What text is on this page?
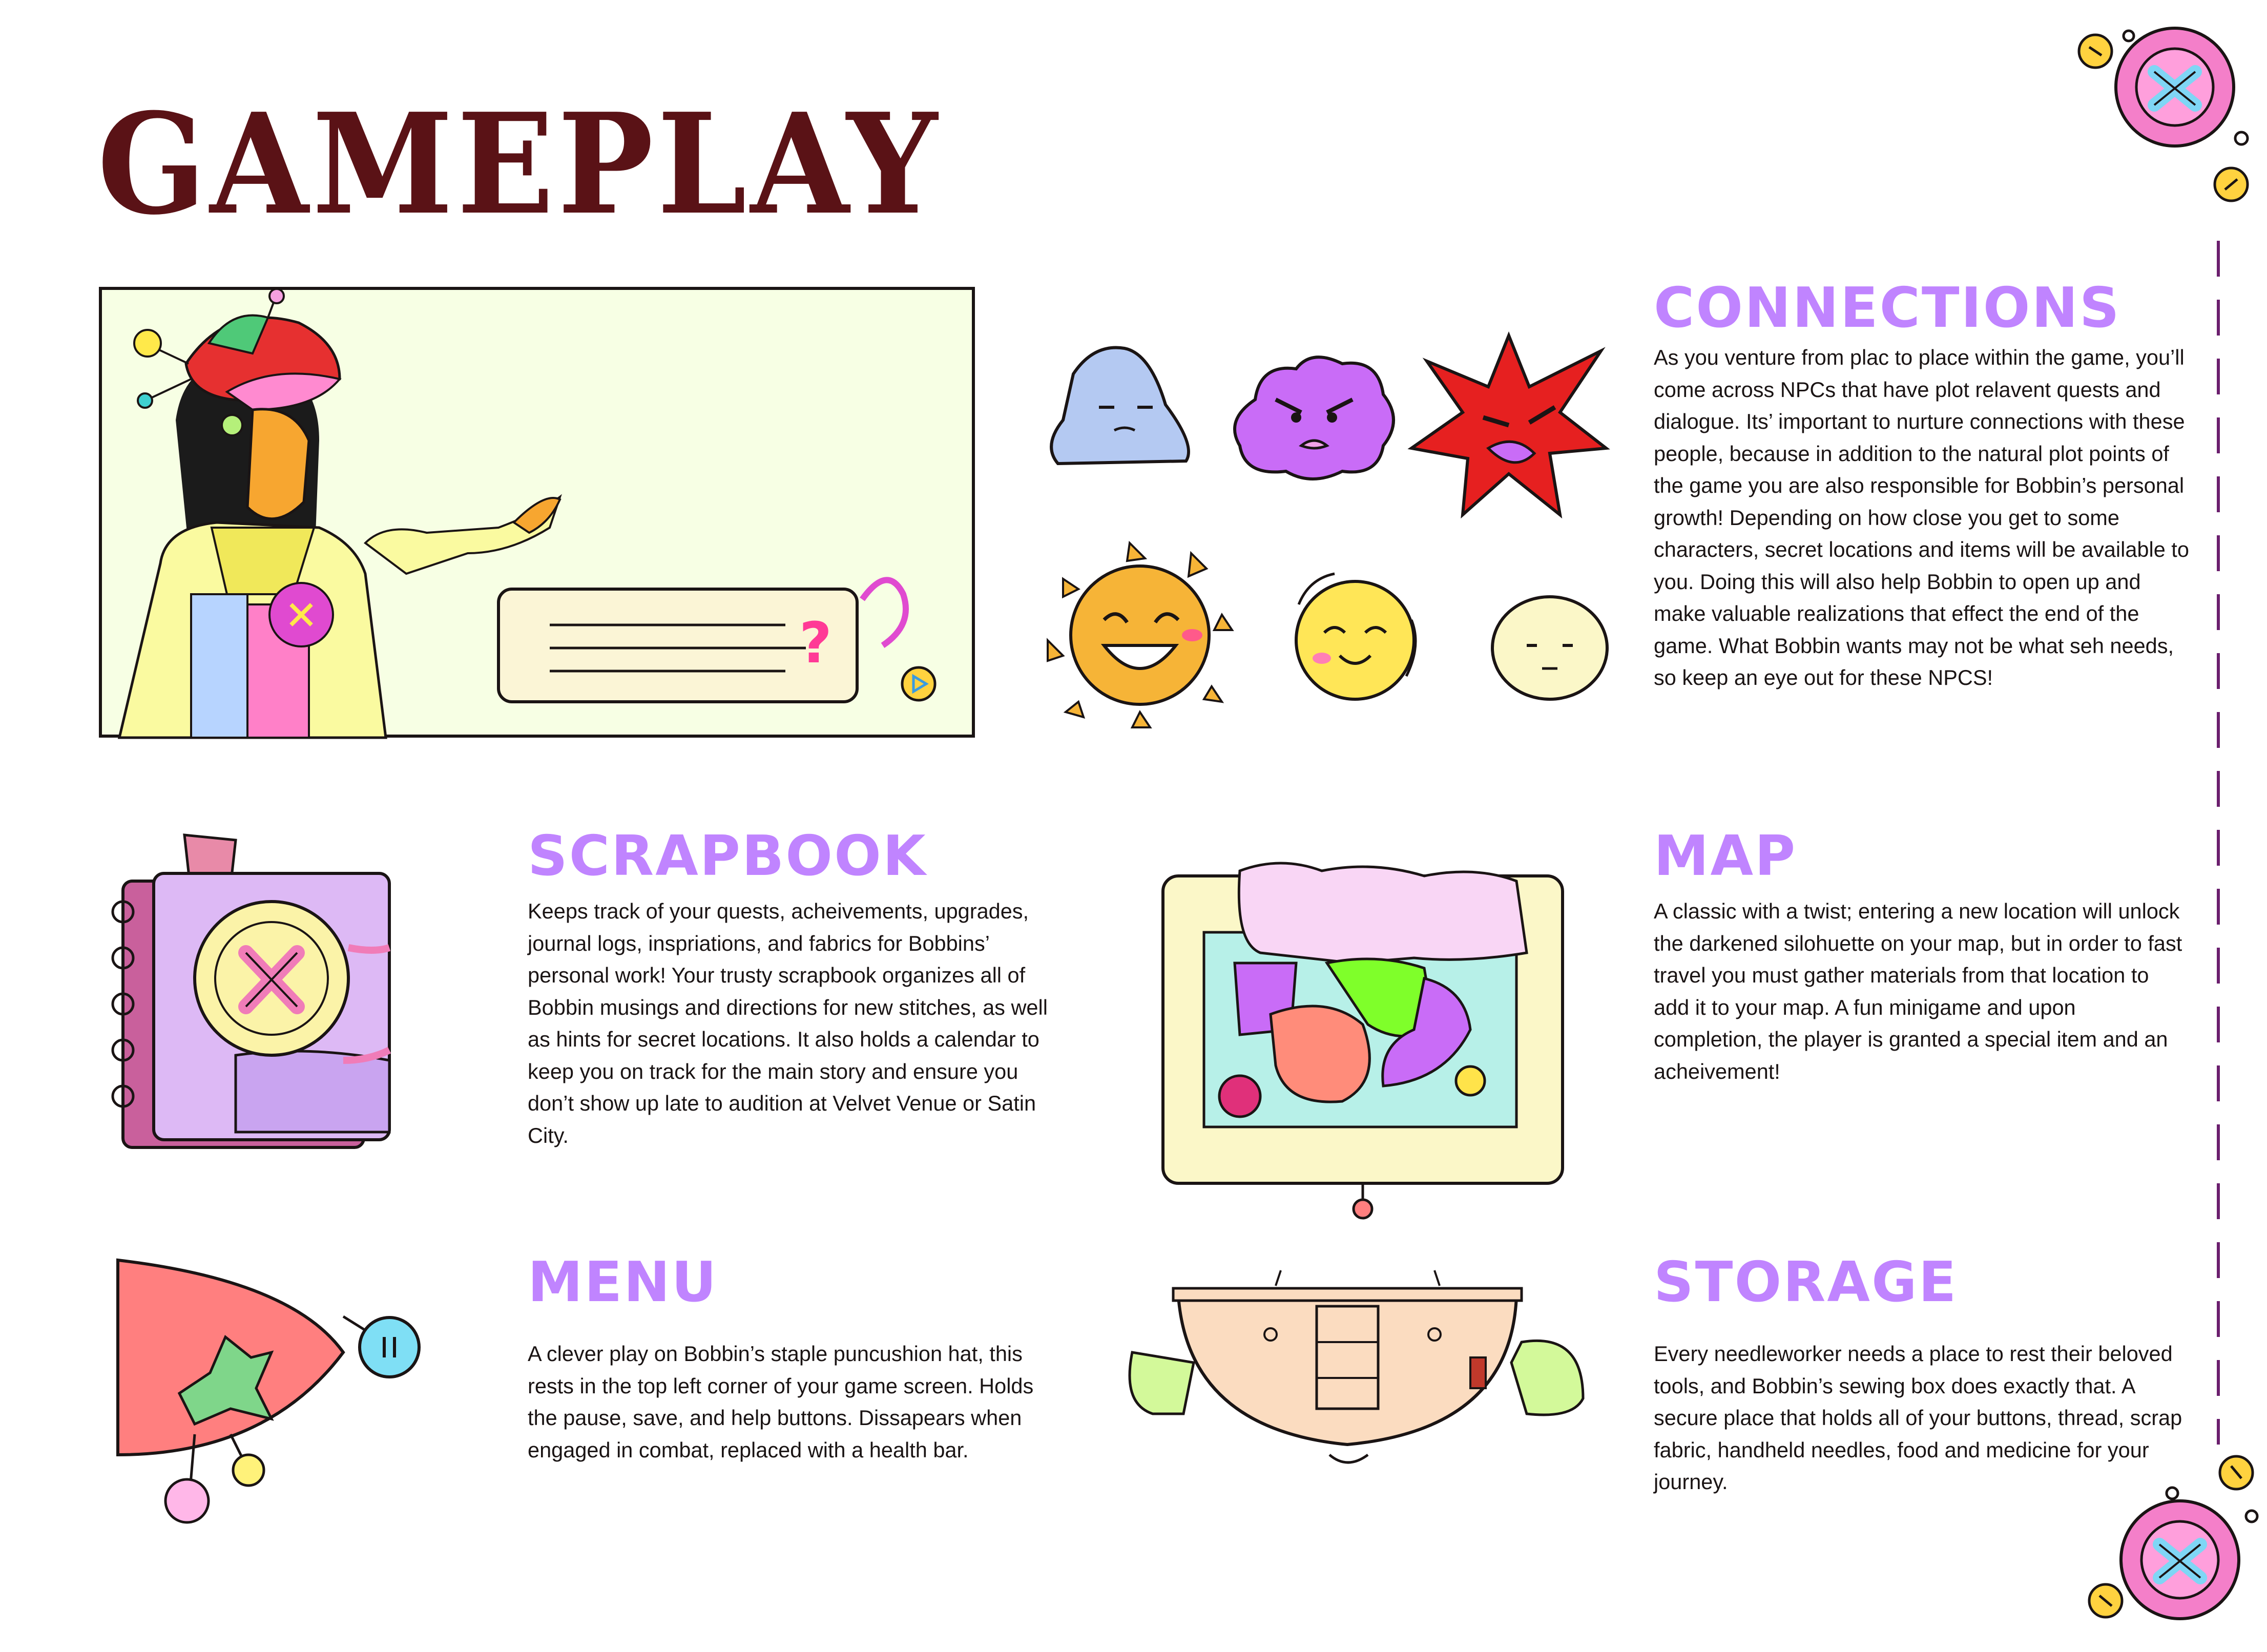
GAMEPLAY
?
CONNECTIONS

As you venture from plac to place within the game, you’ll come across NPCs that have plot relavent quests and dialogue. Its’ important to nurture connections with these people, because in addition to the natural plot points of the game you are also responsible for Bobbin’s personal growth! Depending on how close you get to some characters, secret locations and items will be available to you. Doing this will also help Bobbin to open up and make valuable realizations that effect the end of the game. What Bobbin wants may not be what seh needs, so keep an eye out for these NPCS!

SCRAPBOOK

Keeps track of your quests, acheivements, upgrades, journal logs, inspriations, and fabrics for Bobbins’ personal work! Your trusty scrapbook organizes all of Bobbin musings and directions for new stitches, as well as hints for secret locations. It also holds a calendar to keep you on track for the main story and ensure you don’t show up late to audition at Velvet Venue or Satin City.

MAP

A classic with a twist; entering a new location will unlock the darkened silohuette on your map, but in order to fast travel you must gather materials from that location to add it to your map. A fun minigame and upon completion, the player is granted a special item and an acheivement!

MENU

A clever play on Bobbin’s staple puncushion hat, this rests in the top left corner of your game screen. Holds the pause, save, and help buttons. Dissapears when engaged in combat, replaced with a health bar.

STORAGE

Every needleworker needs a place to rest their beloved tools, and Bobbin’s sewing box does exactly that. A secure place that holds all of your buttons, thread, scrap fabric, handheld needles, food and medicine for your journey.
